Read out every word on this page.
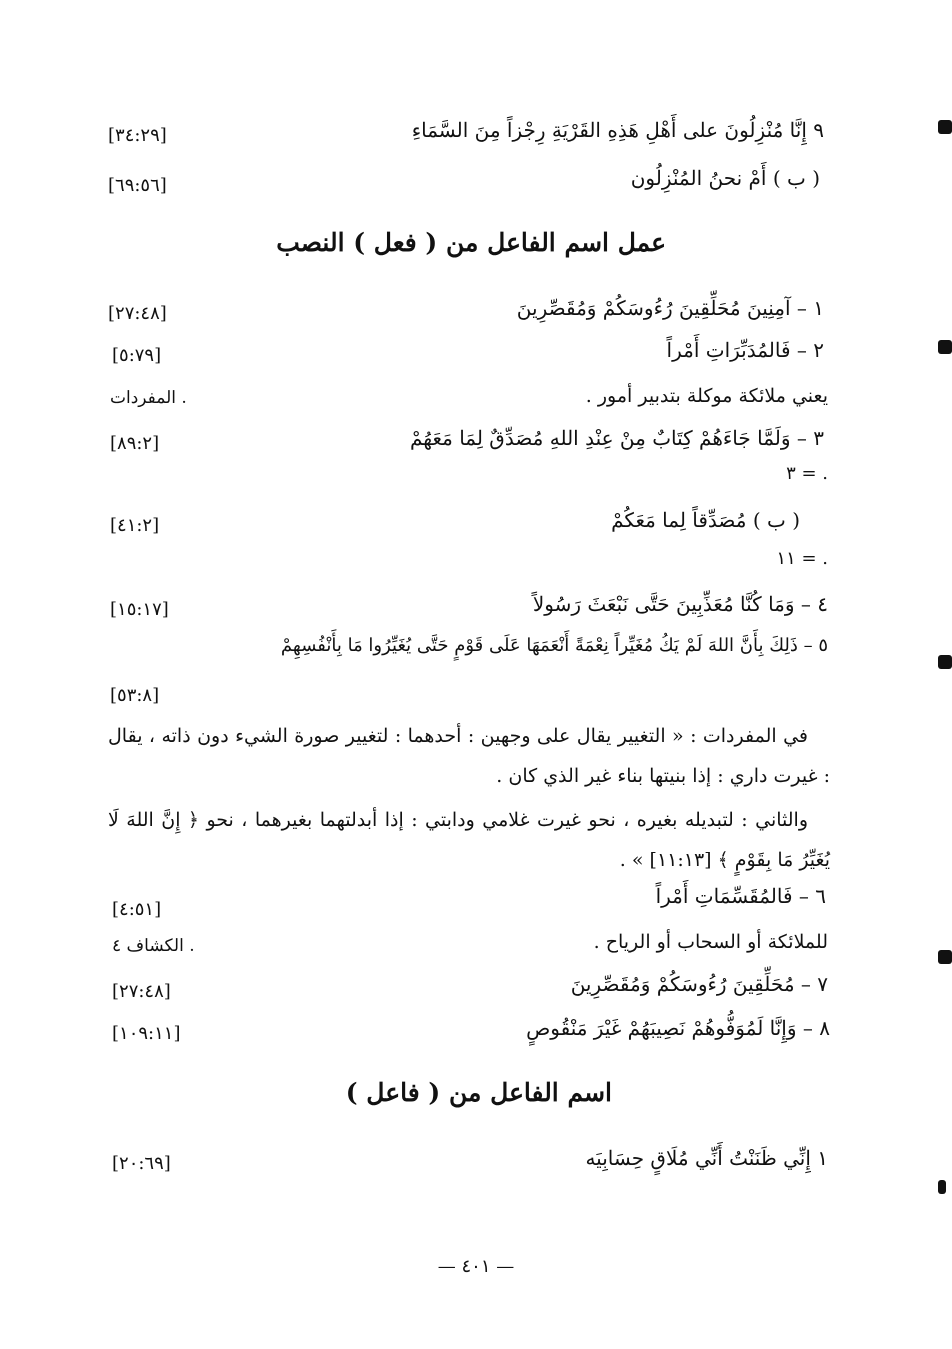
٩ إِنَّا مُنْزِلُونَ على أَهْلِ هَذِهِ القَرْيَةِ رِجْزاً مِنَ السَّمَاءِ
[٣٤:٢٩]
( ب ) أَمْ نحنُ المُنْزِلُون
[٦٩:٥٦]
عمل اسم الفاعل من ( فعل ) النصب
١ – آمِنِينَ مُحَلِّقِينَ رُءُوسَكُمْ وَمُقَصِّرِينَ
[٢٧:٤٨]
٢ – فَالمُدَبِّرَاتِ أَمْراً
[٥:٧٩]
يعني ملائكة موكلة بتدبير أمور .
المفردات .
٣ – وَلَمَّا جَاءَهُمْ كِتَابٌ مِنْ عِنْدِ اللهِ مُصَدِّقٌ لِمَا مَعَهُمْ
[٨٩:٢]
٣ = .
( ب ) مُصَدِّقاً لِما مَعَكُمْ
[٤١:٢]
١١ = .
٤ – وَمَا كُنَّا مُعَذِّبِينَ حَتَّى نَبْعَثَ رَسُولاً
[١٥:١٧]
٥ – ذَلِكَ بِأَنَّ اللهَ لَمْ يَكُ مُغَيِّراً نِعْمَةً أَنْعَمَهَا عَلَى قَوْمٍ حَتَّى يُغَيِّرُوا مَا بِأَنْفُسِهِمْ
[٥٣:٨]
في المفردات : « التغيير يقال على وجهين : أحدهما : لتغيير صورة الشيء دون ذاته ، يقال : غيرت داري : إذا بنيتها بناء غير الذي كان .
والثاني : لتبديله بغيره ، نحو غيرت غلامي ودابتي : إذا أبدلتهما بغيرهما ، نحو ﴿ إِنَّ اللهَ لَا يُغَيِّرُ مَا بِقَوْمٍ ﴾ [١١:١٣] » .
٦ – فَالمُقَسِّمَاتِ أَمْراً
[٤:٥١]
للملائكة أو السحاب أو الرياح .
الكشاف ٤ .
٧ – مُحَلِّقِينَ رُءُوسَكُمْ وَمُقَصِّرِينَ
[٢٧:٤٨]
٨ – وَإِنَّا لَمُوَفُّوهُمْ نَصِيبَهُمْ غَيْرَ مَنْقُوصٍ
[١٠٩:١١]
اسم الفاعل من ( فاعل )
١ إِنِّي ظَنَنْتُ أَنِّي مُلَاقٍ حِسَابِيَه
[٢٠:٦٩]
— ٤٠١ —
